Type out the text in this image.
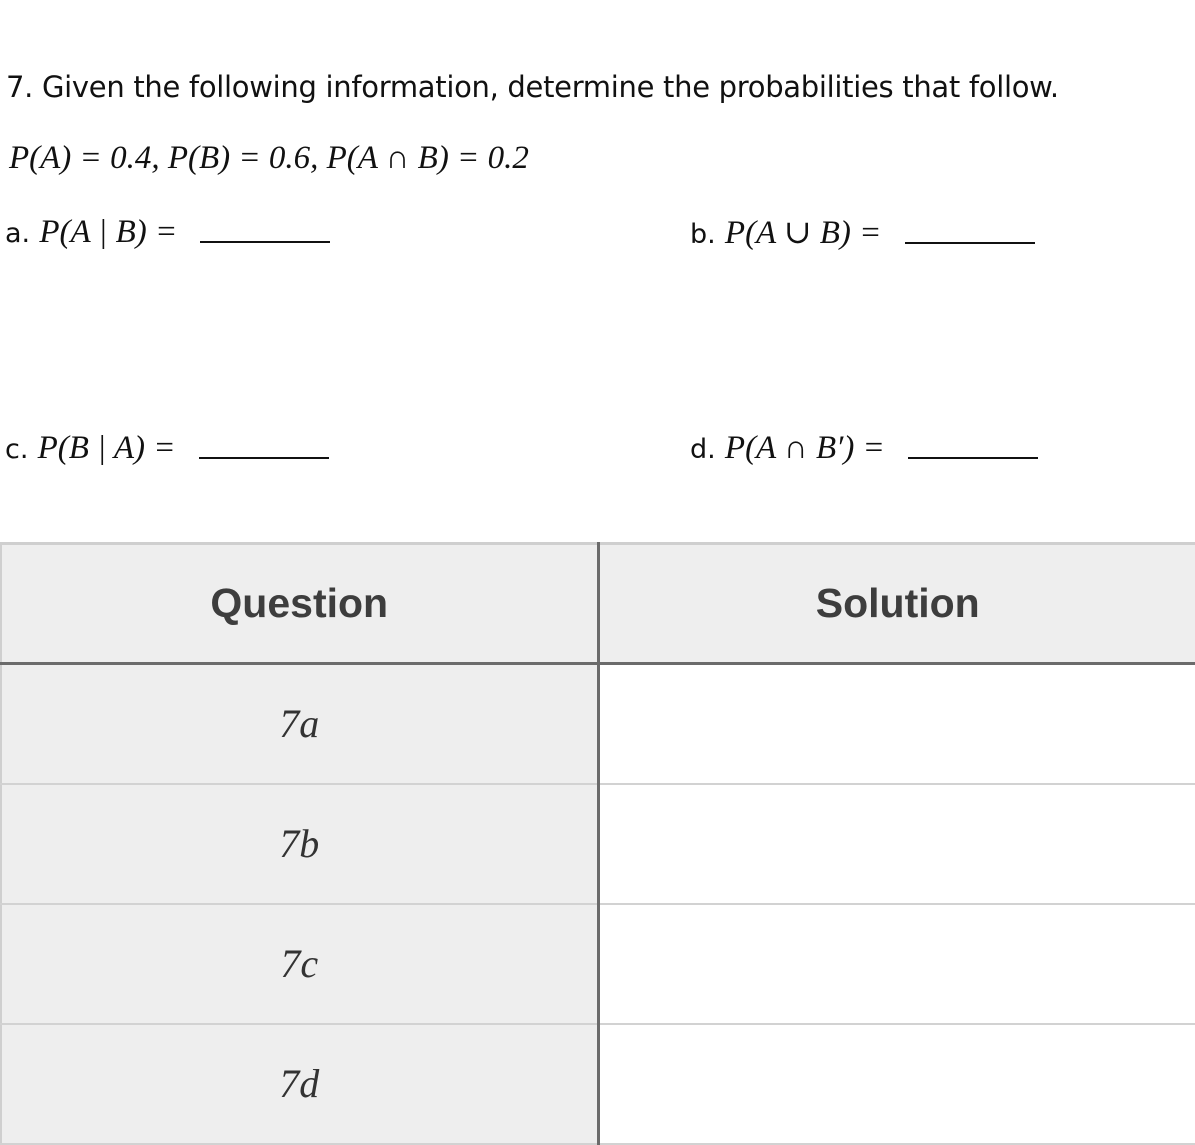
7. Given the following information, determine the probabilities that follow.
P(A) = 0.4, P(B) = 0.6, P(A ∩ B) = 0.2
a. P(A | B) =	b. P(A ∪ B) =
c. P(B | A) =	d. P(A ∩ B′) =
Question	Solution
7a	
7b	
7c	
7d	
